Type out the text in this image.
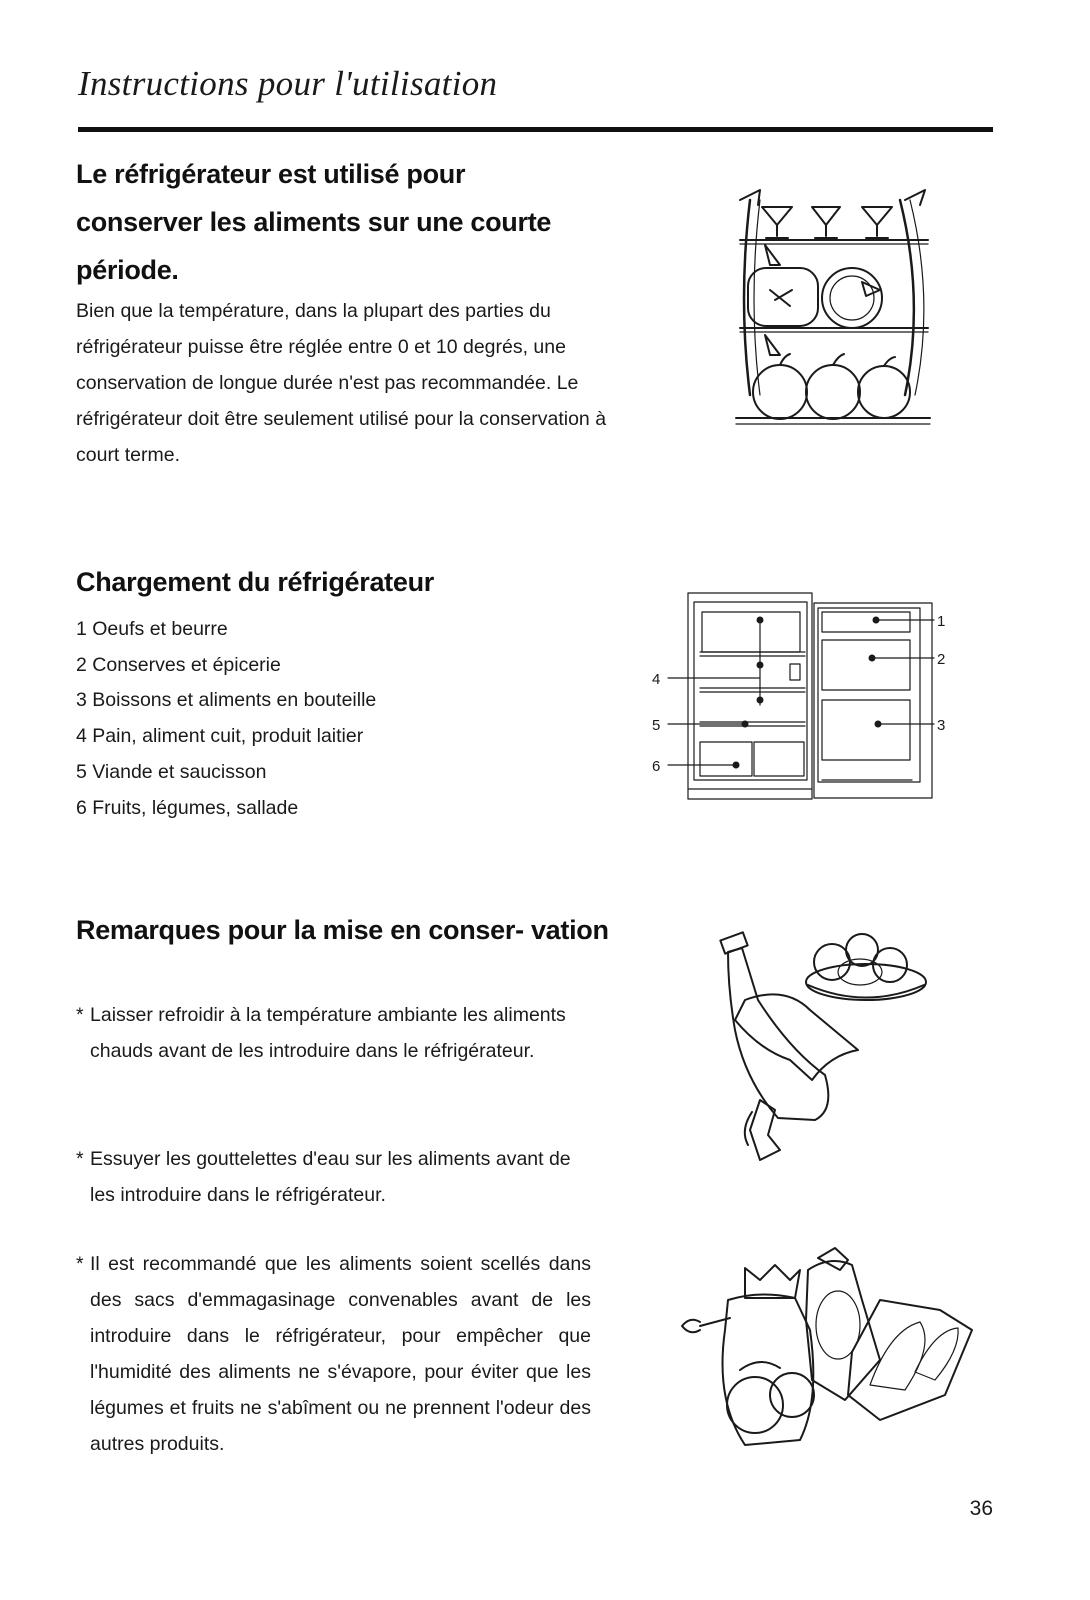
Instructions pour l'utilisation
Le réfrigérateur est utilisé pour conserver les aliments sur une courte période.

Bien que la température, dans la plupart des parties du réfrigérateur puisse être réglée entre 0 et 10 degrés, une conservation de longue durée n'est pas recommandée. Le réfrigérateur doit être seulement utilisé pour la conservation à court terme.

Chargement du réfrigérateur
1 Oeufs et beurre
2 Conserves et épicerie
3 Boissons et aliments en bouteille
4 Pain, aliment cuit, produit laitier
5 Viande et saucisson
6 Fruits, légumes, sallade
1
2
3
4
5
6
Remarques pour la mise en conser- vation
* Laisser refroidir à la température ambiante les aliments chauds avant de les introduire dans le réfrigérateur.
* Essuyer les gouttelettes d'eau sur les aliments avant de les introduire dans le réfrigérateur.
* Il est recommandé que les aliments soient scellés dans des sacs d'emmagasinage convenables avant de les introduire dans le réfrigérateur, pour empêcher que l'humidité des aliments ne s'évapore, pour éviter que les légumes et fruits ne s'abîment ou ne prennent l'odeur des autres produits.
36
